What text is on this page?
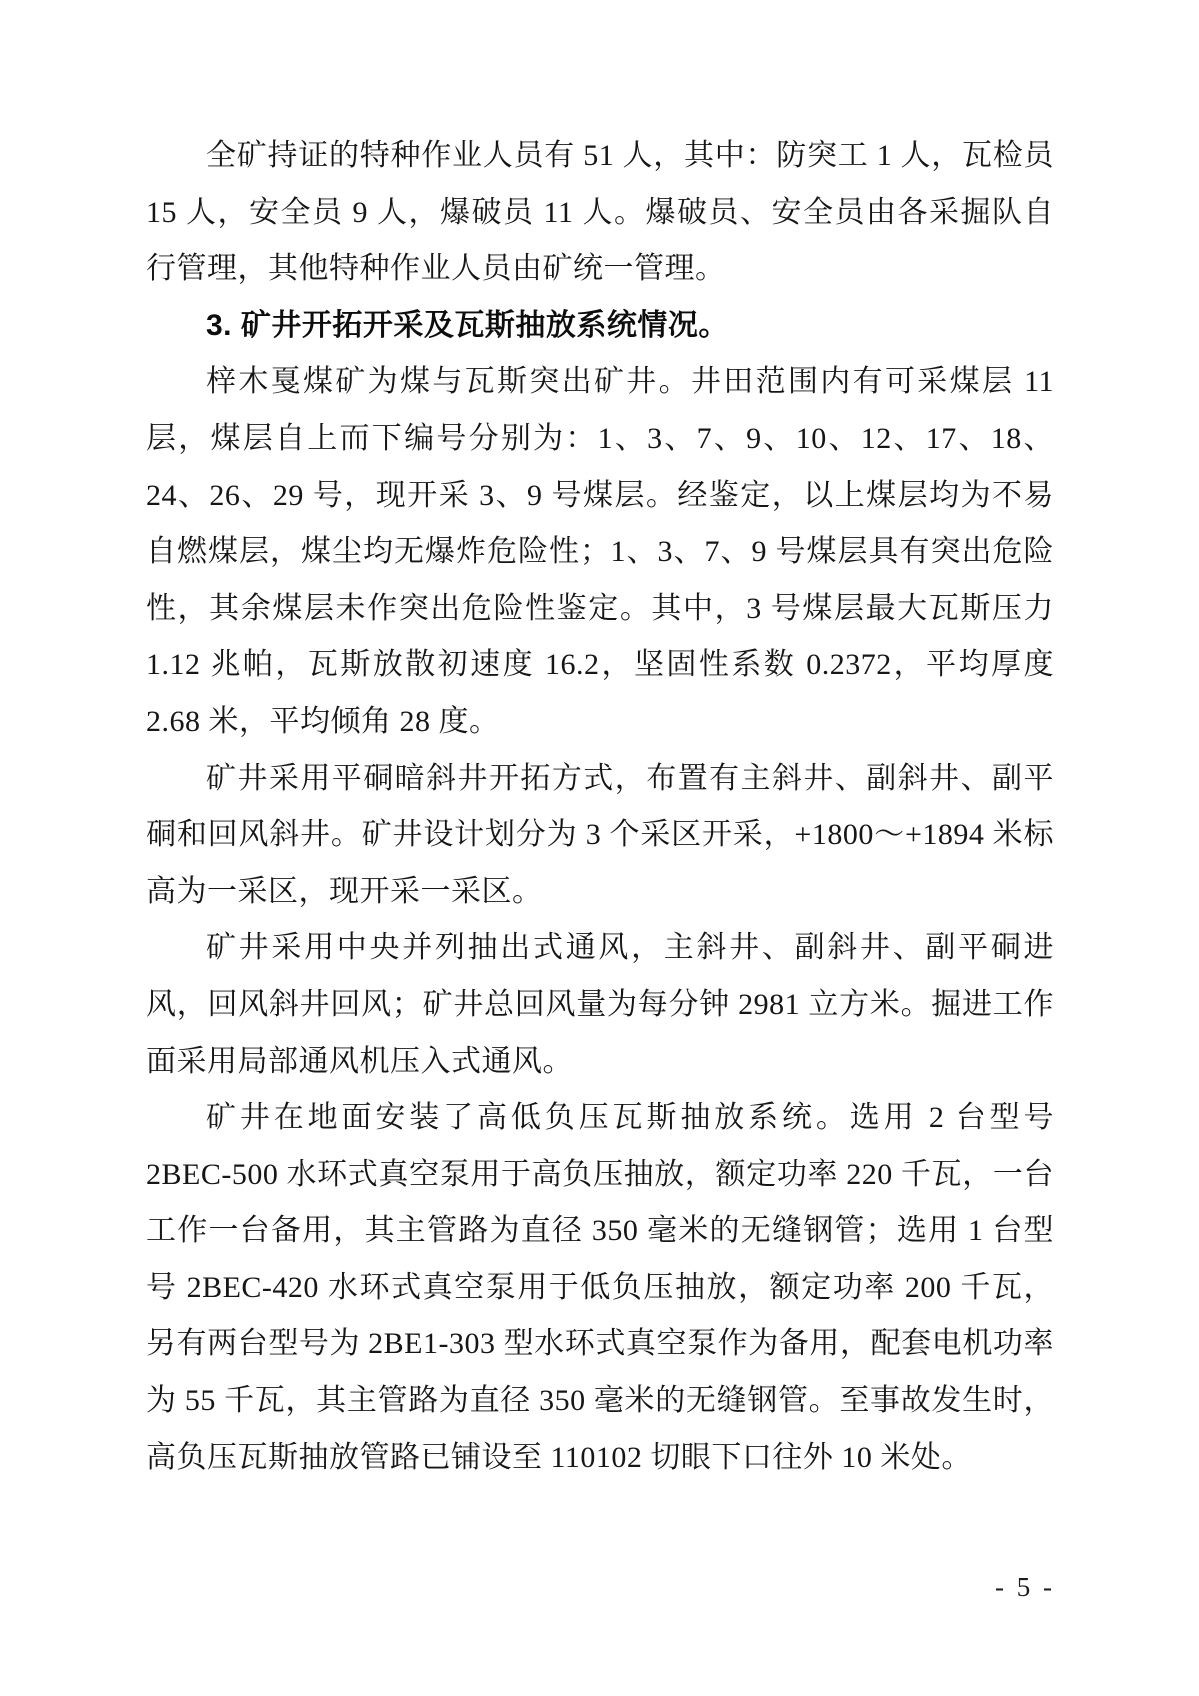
全矿持证的特种作业人员有 51 人，其中：防突工 1 人，瓦检员 15 人，安全员 9 人，爆破员 11 人。爆破员、安全员由各采掘队自行管理，其他特种作业人员由矿统一管理。

3. 矿井开拓开采及瓦斯抽放系统情况。

梓木戛煤矿为煤与瓦斯突出矿井。井田范围内有可采煤层 11 层，煤层自上而下编号分别为：1、3、7、9、10、12、17、18、24、26、29 号，现开采 3、9 号煤层。经鉴定，以上煤层均为不易自燃煤层，煤尘均无爆炸危险性；1、3、7、9 号煤层具有突出危险性，其余煤层未作突出危险性鉴定。其中，3 号煤层最大瓦斯压力 1.12 兆帕，瓦斯放散初速度 16.2，坚固性系数 0.2372，平均厚度 2.68 米，平均倾角 28 度。

矿井采用平硐暗斜井开拓方式，布置有主斜井、副斜井、副平硐和回风斜井。矿井设计划分为 3 个采区开采，+1800～+1894 米标高为一采区，现开采一采区。

矿井采用中央并列抽出式通风，主斜井、副斜井、副平硐进风，回风斜井回风；矿井总回风量为每分钟 2981 立方米。掘进工作面采用局部通风机压入式通风。

矿井在地面安装了高低负压瓦斯抽放系统。选用 2 台型号 2BEC-500 水环式真空泵用于高负压抽放，额定功率 220 千瓦，一台工作一台备用，其主管路为直径 350 毫米的无缝钢管；选用 1 台型号 2BEC-420 水环式真空泵用于低负压抽放，额定功率 200 千瓦，另有两台型号为 2BE1-303 型水环式真空泵作为备用，配套电机功率为 55 千瓦，其主管路为直径 350 毫米的无缝钢管。至事故发生时，高负压瓦斯抽放管路已铺设至 110102 切眼下口往外 10 米处。

- 5 -
